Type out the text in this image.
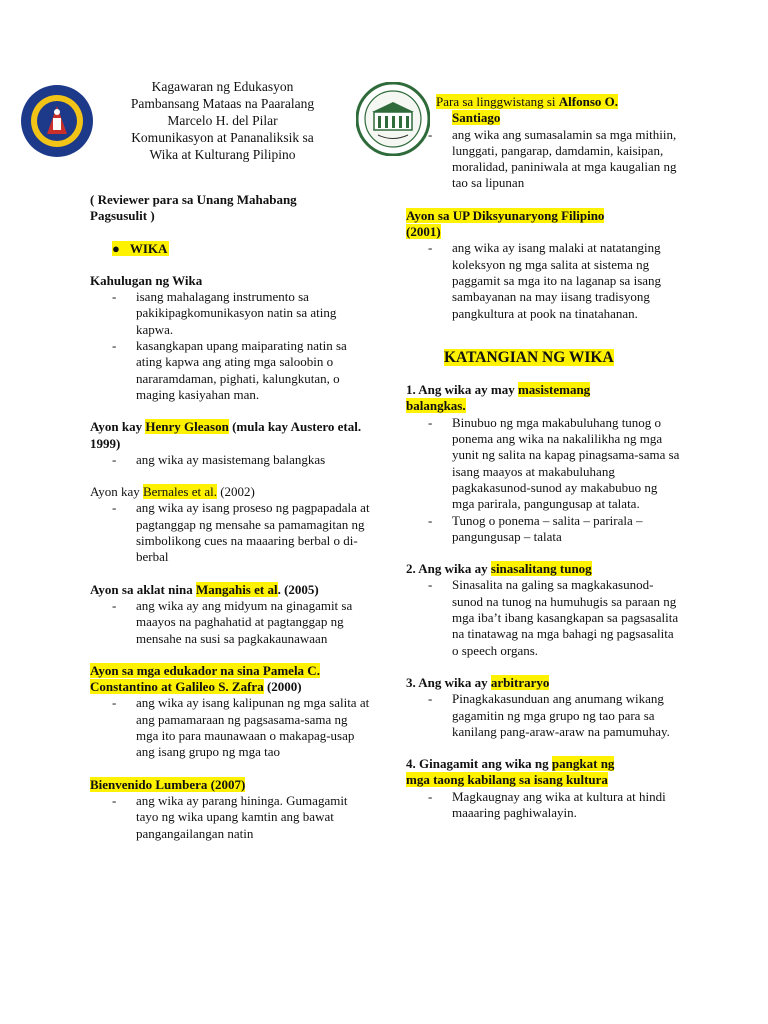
Kagawaran ng Edukasyon
Pambansang Mataas na Paaralang
Marcelo H. del Pilar
Komunikasyon at Pananaliksik sa
Wika at Kulturang Pilipino
( Reviewer para sa Unang Mahabang
Pagsusulit )
● WIKA
Kahulugan ng Wika
- isang mahalagang instrumento sa pakikipagkomunikasyon natin sa ating kapwa.
- kasangkapan upang maiparating natin sa ating kapwa ang ating mga saloobin o nararamdaman, pighati, kalungkutan, o maging kasiyahan man.
Ayon kay Henry Gleason (mula kay Austero etal. 1999)
- ang wika ay masistemang balangkas
Ayon kay Bernales et al. (2002)
- ang wika ay isang proseso ng pagpapadala at pagtanggap ng mensahe sa pamamagitan ng simbolikong cues na maaaring berbal o di-berbal
Ayon sa aklat nina Mangahis et al. (2005)
- ang wika ay ang midyum na ginagamit sa maayos na paghahatid at pagtanggap ng mensahe na susi sa pagkakaunawaan
Ayon sa mga edukador na sina Pamela C.
Constantino at Galileo S. Zafra (2000)
- ang wika ay isang kalipunan ng mga salita at ang pamamaraan ng pagsasama-sama ng mga ito para maunawaan o makapag-usap ang isang grupo ng mga tao
Bienvenido Lumbera (2007)
- ang wika ay parang hininga. Gumagamit tayo ng wika upang kamtin ang bawat pangangailangan natin
Para sa linggwistang si Alfonso O.
Santiago
- ang wika ang sumasalamin sa mga mithiin, lunggati, pangarap, damdamin, kaisipan, moralidad, paniniwala at mga kaugalian ng tao sa lipunan
Ayon sa UP Diksyunaryong Filipino
(2001)
- ang wika ay isang malaki at natatanging koleksyon ng mga salita at sistema ng paggamit sa mga ito na laganap sa isang sambayanan na may iisang tradisyong pangkultura at pook na tinatahanan.
KATANGIAN NG WIKA
1. Ang wika ay may masistemang
balangkas.
- Binubuo ng mga makabuluhang tunog o ponema ang wika na nakalilikha ng mga yunit ng salita na kapag pinagsama-sama sa isang maayos at makabuluhang pagkakasunod-sunod ay makabubuo ng mga parirala, pangungusap at talata.
- Tunog o ponema – salita – parirala – pangungusap – talata
2. Ang wika ay sinasalitang tunog
- Sinasalita na galing sa magkakasunod-sunod na tunog na humuhugis sa paraan ng mga iba’t ibang kasangkapan sa pagsasalita na tinatawag na mga bahagi ng pagsasalita o speech organs.
3. Ang wika ay arbitraryo
- Pinagkakasunduan ang anumang wikang gagamitin ng mga grupo ng tao para sa kanilang pang-araw-araw na pamumuhay.
4. Ginagamit ang wika ng pangkat ng
mga taong kabilang sa isang kultura
- Magkaugnay ang wika at kultura at hindi maaaring paghiwalayin.
